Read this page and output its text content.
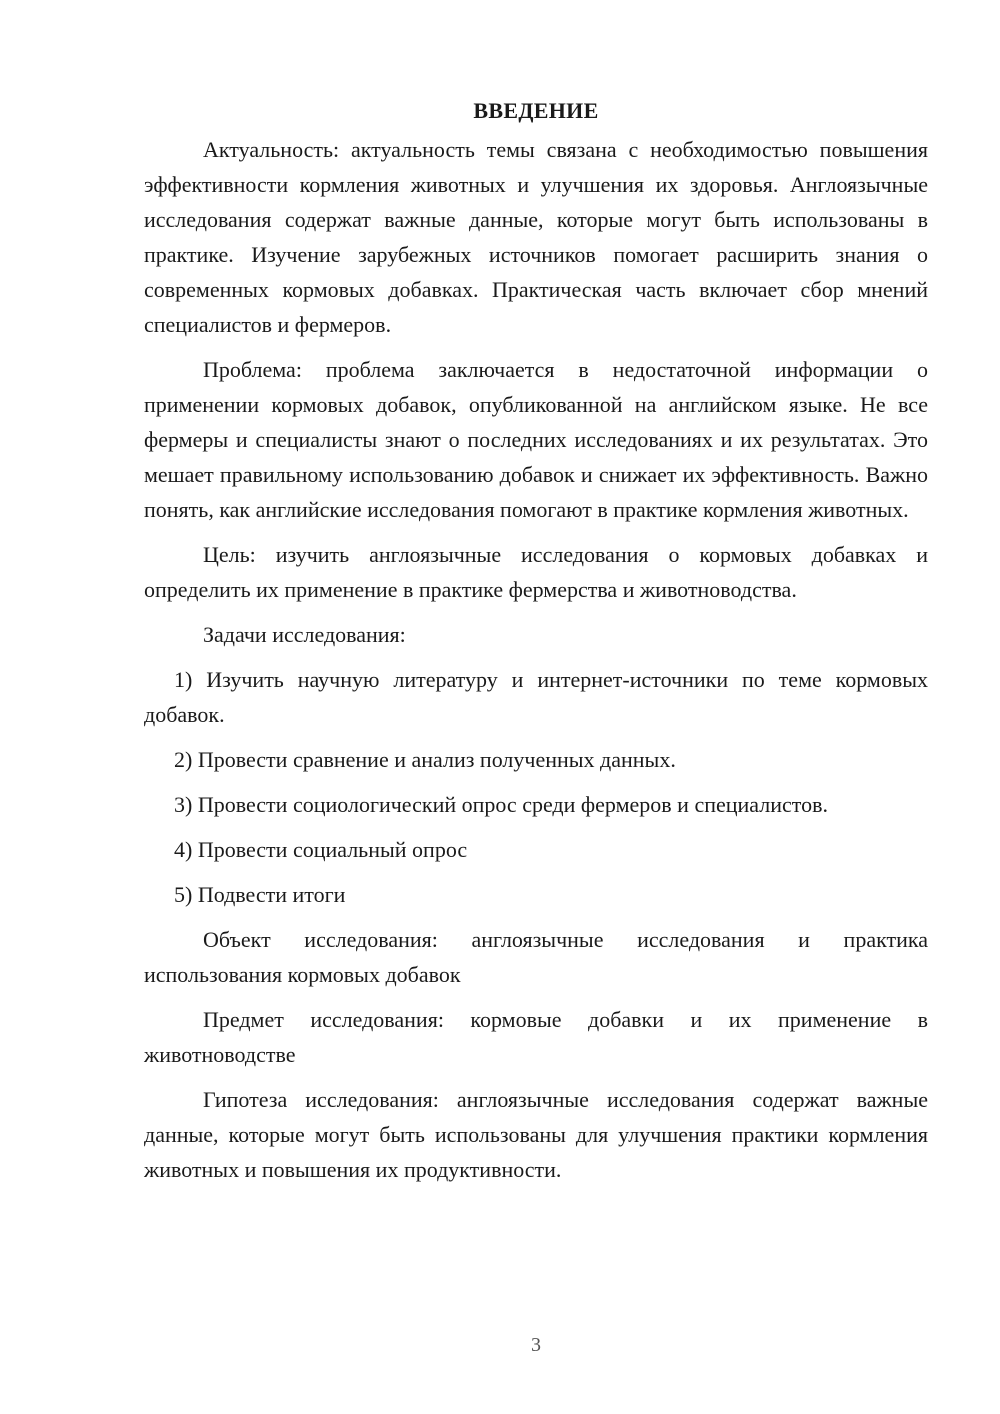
ВВЕДЕНИЕ

Актуальность: актуальность темы связана с необходимостью повышения эффективности кормления животных и улучшения их здоровья. Англоязычные исследования содержат важные данные, которые могут быть использованы в практике. Изучение зарубежных источников помогает расширить знания о современных кормовых добавках. Практическая часть включает сбор мнений специалистов и фермеров.

Проблема: проблема заключается в недостаточной информации о применении кормовых добавок, опубликованной на английском языке. Не все фермеры и специалисты знают о последних исследованиях и их результатах. Это мешает правильному использованию добавок и снижает их эффективность. Важно понять, как английские исследования помогают в практике кормления животных.

Цель: изучить англоязычные исследования о кормовых добавках и определить их применение в практике фермерства и животноводства.

Задачи исследования:

1) Изучить научную литературу и интернет-источники по теме кормовых добавок.

2) Провести сравнение и анализ полученных данных.

3) Провести социологический опрос среди фермеров и специалистов.

4) Провести социальный опрос

5) Подвести итоги

Объект исследования: англоязычные исследования и практика использования кормовых добавок

Предмет исследования: кормовые добавки и их применение в животноводстве

Гипотеза исследования: англоязычные исследования содержат важные данные, которые могут быть использованы для улучшения практики кормления животных и повышения их продуктивности.

3
